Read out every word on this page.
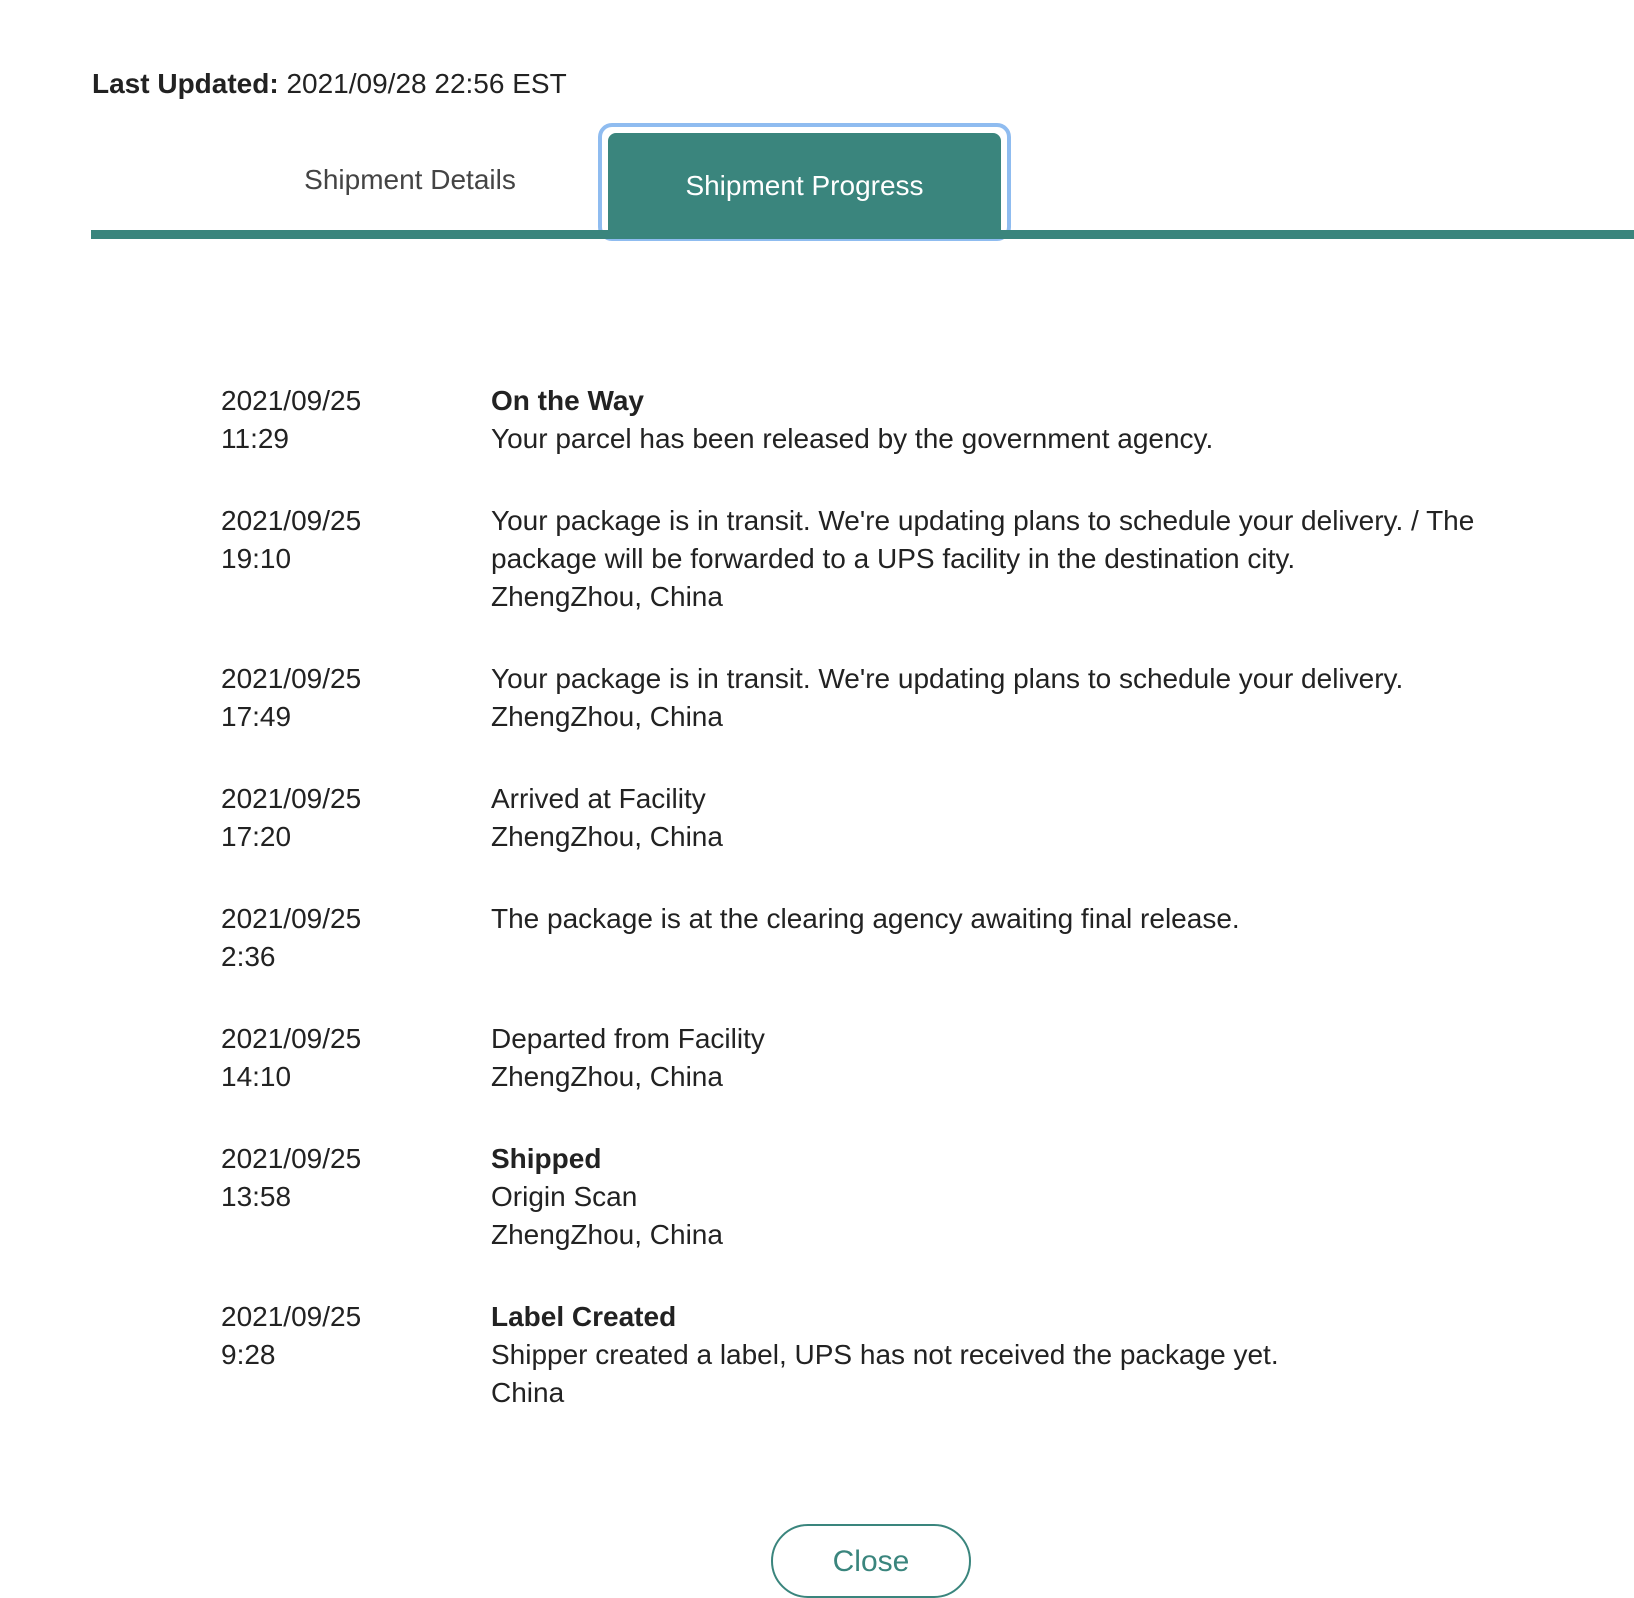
Last Updated: 2021/09/28 22:56 EST
Shipment Details	Shipment Progress
2021/09/25
11:29
On the Way
Your parcel has been released by the government agency.
2021/09/25
19:10
Your package is in transit. We're updating plans to schedule your delivery. / The package will be forwarded to a UPS facility in the destination city.
ZhengZhou, China
2021/09/25
17:49
Your package is in transit. We're updating plans to schedule your delivery.
ZhengZhou, China
2021/09/25
17:20
Arrived at Facility
ZhengZhou, China
2021/09/25
2:36
The package is at the clearing agency awaiting final release.
2021/09/25
14:10
Departed from Facility
ZhengZhou, China
2021/09/25
13:58
Shipped
Origin Scan
ZhengZhou, China
2021/09/25
9:28
Label Created
Shipper created a label, UPS has not received the package yet.
China
Close
